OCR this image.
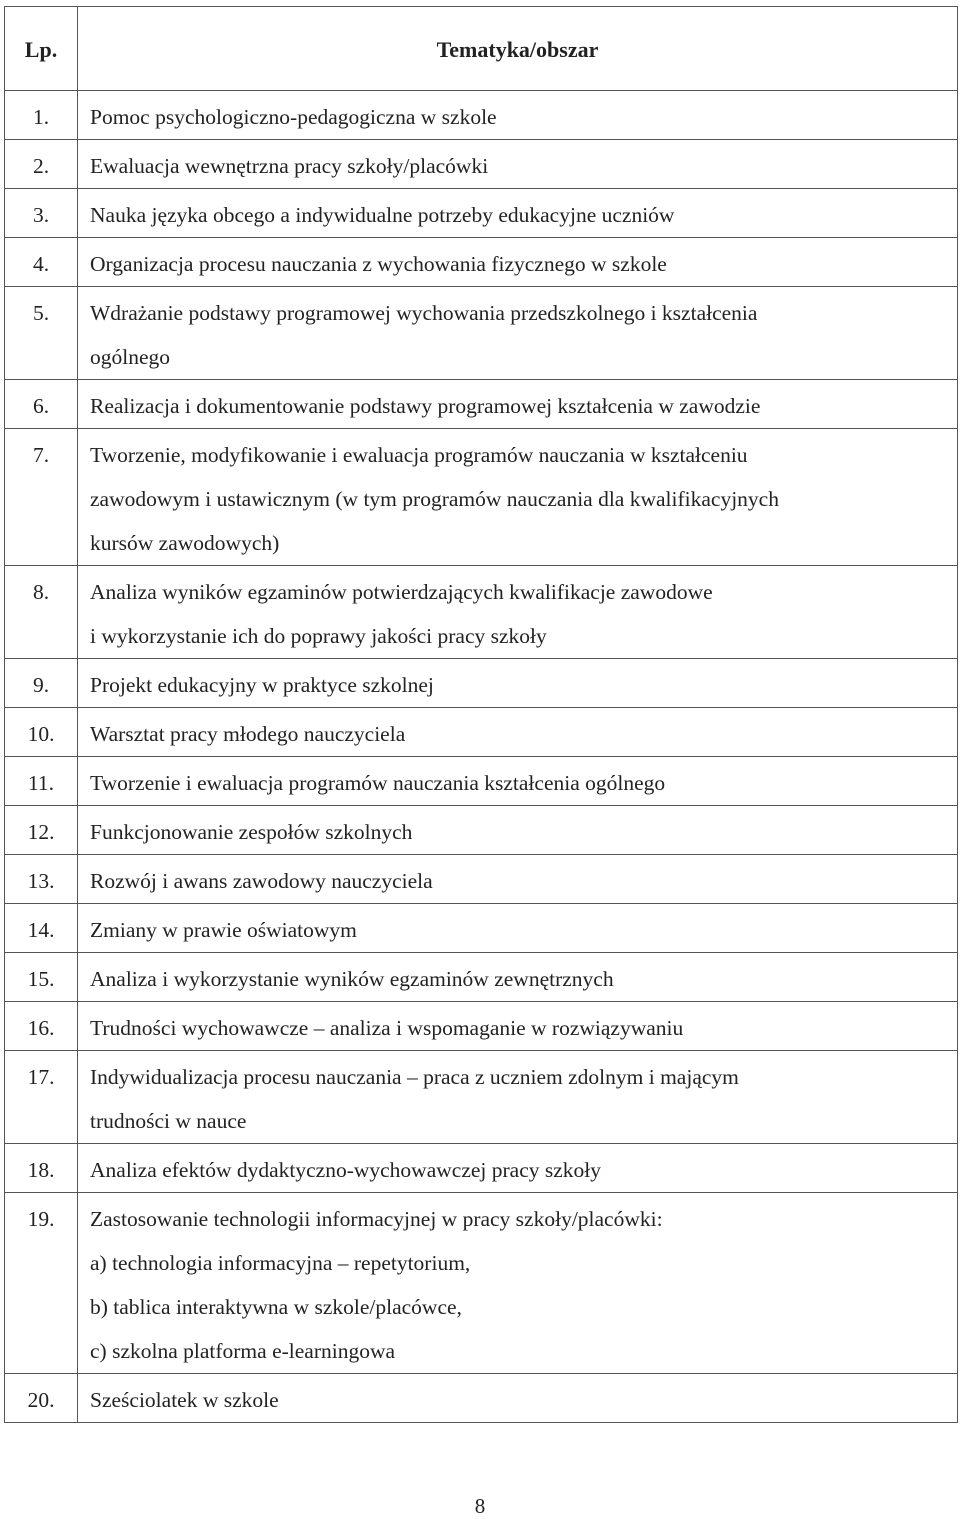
Lp.	Tematyka/obszar
1.	Pomoc psychologiczno-pedagogiczna w szkole

2.	Ewaluacja wewnętrzna pracy szkoły/placówki

3.	Nauka języka obcego a indywidualne potrzeby edukacyjne uczniów

4.	Organizacja procesu nauczania z wychowania fizycznego w szkole

5.	Wdrażanie podstawy programowej wychowania przedszkolnego i kształcenia
ogólnego

6.	Realizacja i dokumentowanie podstawy programowej kształcenia w zawodzie

7.	Tworzenie, modyfikowanie i ewaluacja programów nauczania w kształceniu
zawodowym i ustawicznym (w tym programów nauczania dla kwalifikacyjnych
kursów zawodowych)

8.	Analiza wyników egzaminów potwierdzających kwalifikacje zawodowe
i wykorzystanie ich do poprawy jakości pracy szkoły

9.	Projekt edukacyjny w praktyce szkolnej

10.	Warsztat pracy młodego nauczyciela

11.	Tworzenie i ewaluacja programów nauczania kształcenia ogólnego

12.	Funkcjonowanie zespołów szkolnych

13.	Rozwój i awans zawodowy nauczyciela

14.	Zmiany w prawie oświatowym

15.	Analiza i wykorzystanie wyników egzaminów zewnętrznych

16.	Trudności wychowawcze – analiza i wspomaganie w rozwiązywaniu

17.	Indywidualizacja procesu nauczania – praca z uczniem zdolnym i mającym
trudności w nauce

18.	Analiza efektów dydaktyczno-wychowawczej pracy szkoły

19.	Zastosowanie technologii informacyjnej w pracy szkoły/placówki:
a) technologia informacyjna – repetytorium,
b) tablica interaktywna w szkole/placówce,
c) szkolna platforma e-learningowa

20.	Sześciolatek w szkole
8
